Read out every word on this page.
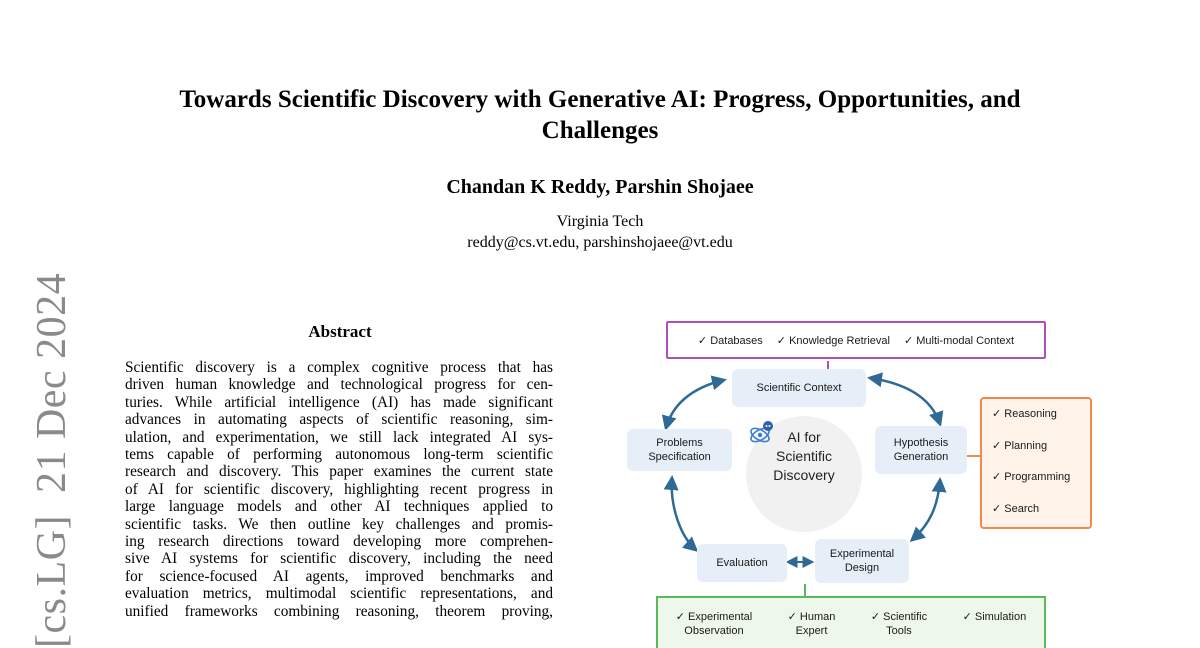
[cs.LG]21 Dec 2024
Towards Scientific Discovery with Generative AI: Progress, Opportunities, and
Challenges
Chandan K Reddy, Parshin Shojaee
Virginia Tech
reddy@cs.vt.edu, parshinshojaee@vt.edu
Abstract
Scientific discovery is a complex cognitive process that has
driven human knowledge and technological progress for cen-
turies. While artificial intelligence (AI) has made significant
advances in automating aspects of scientific reasoning, sim-
ulation, and experimentation, we still lack integrated AI sys-
tems capable of performing autonomous long-term scientific
research and discovery. This paper examines the current state
of AI for scientific discovery, highlighting recent progress in
large language models and other AI techniques applied to
scientific tasks. We then outline key challenges and promis-
ing research directions toward developing more comprehen-
sive AI systems for scientific discovery, including the need
for science-focused AI agents, improved benchmarks and
evaluation metrics, multimodal scientific representations, and
unified frameworks combining reasoning, theorem proving,
✓ Databases ✓ Knowledge Retrieval ✓ Multi-modal Context
Scientific Context
Problems
Specification
Hypothesis
Generation
AI for
Scientific
Discovery
Evaluation
Experimental
Design
✓ Reasoning
✓ Planning
✓ Programming
✓ Search
✓ Experimental
Observation
✓ Human
Expert
✓ Scientific
Tools
✓ Simulation
